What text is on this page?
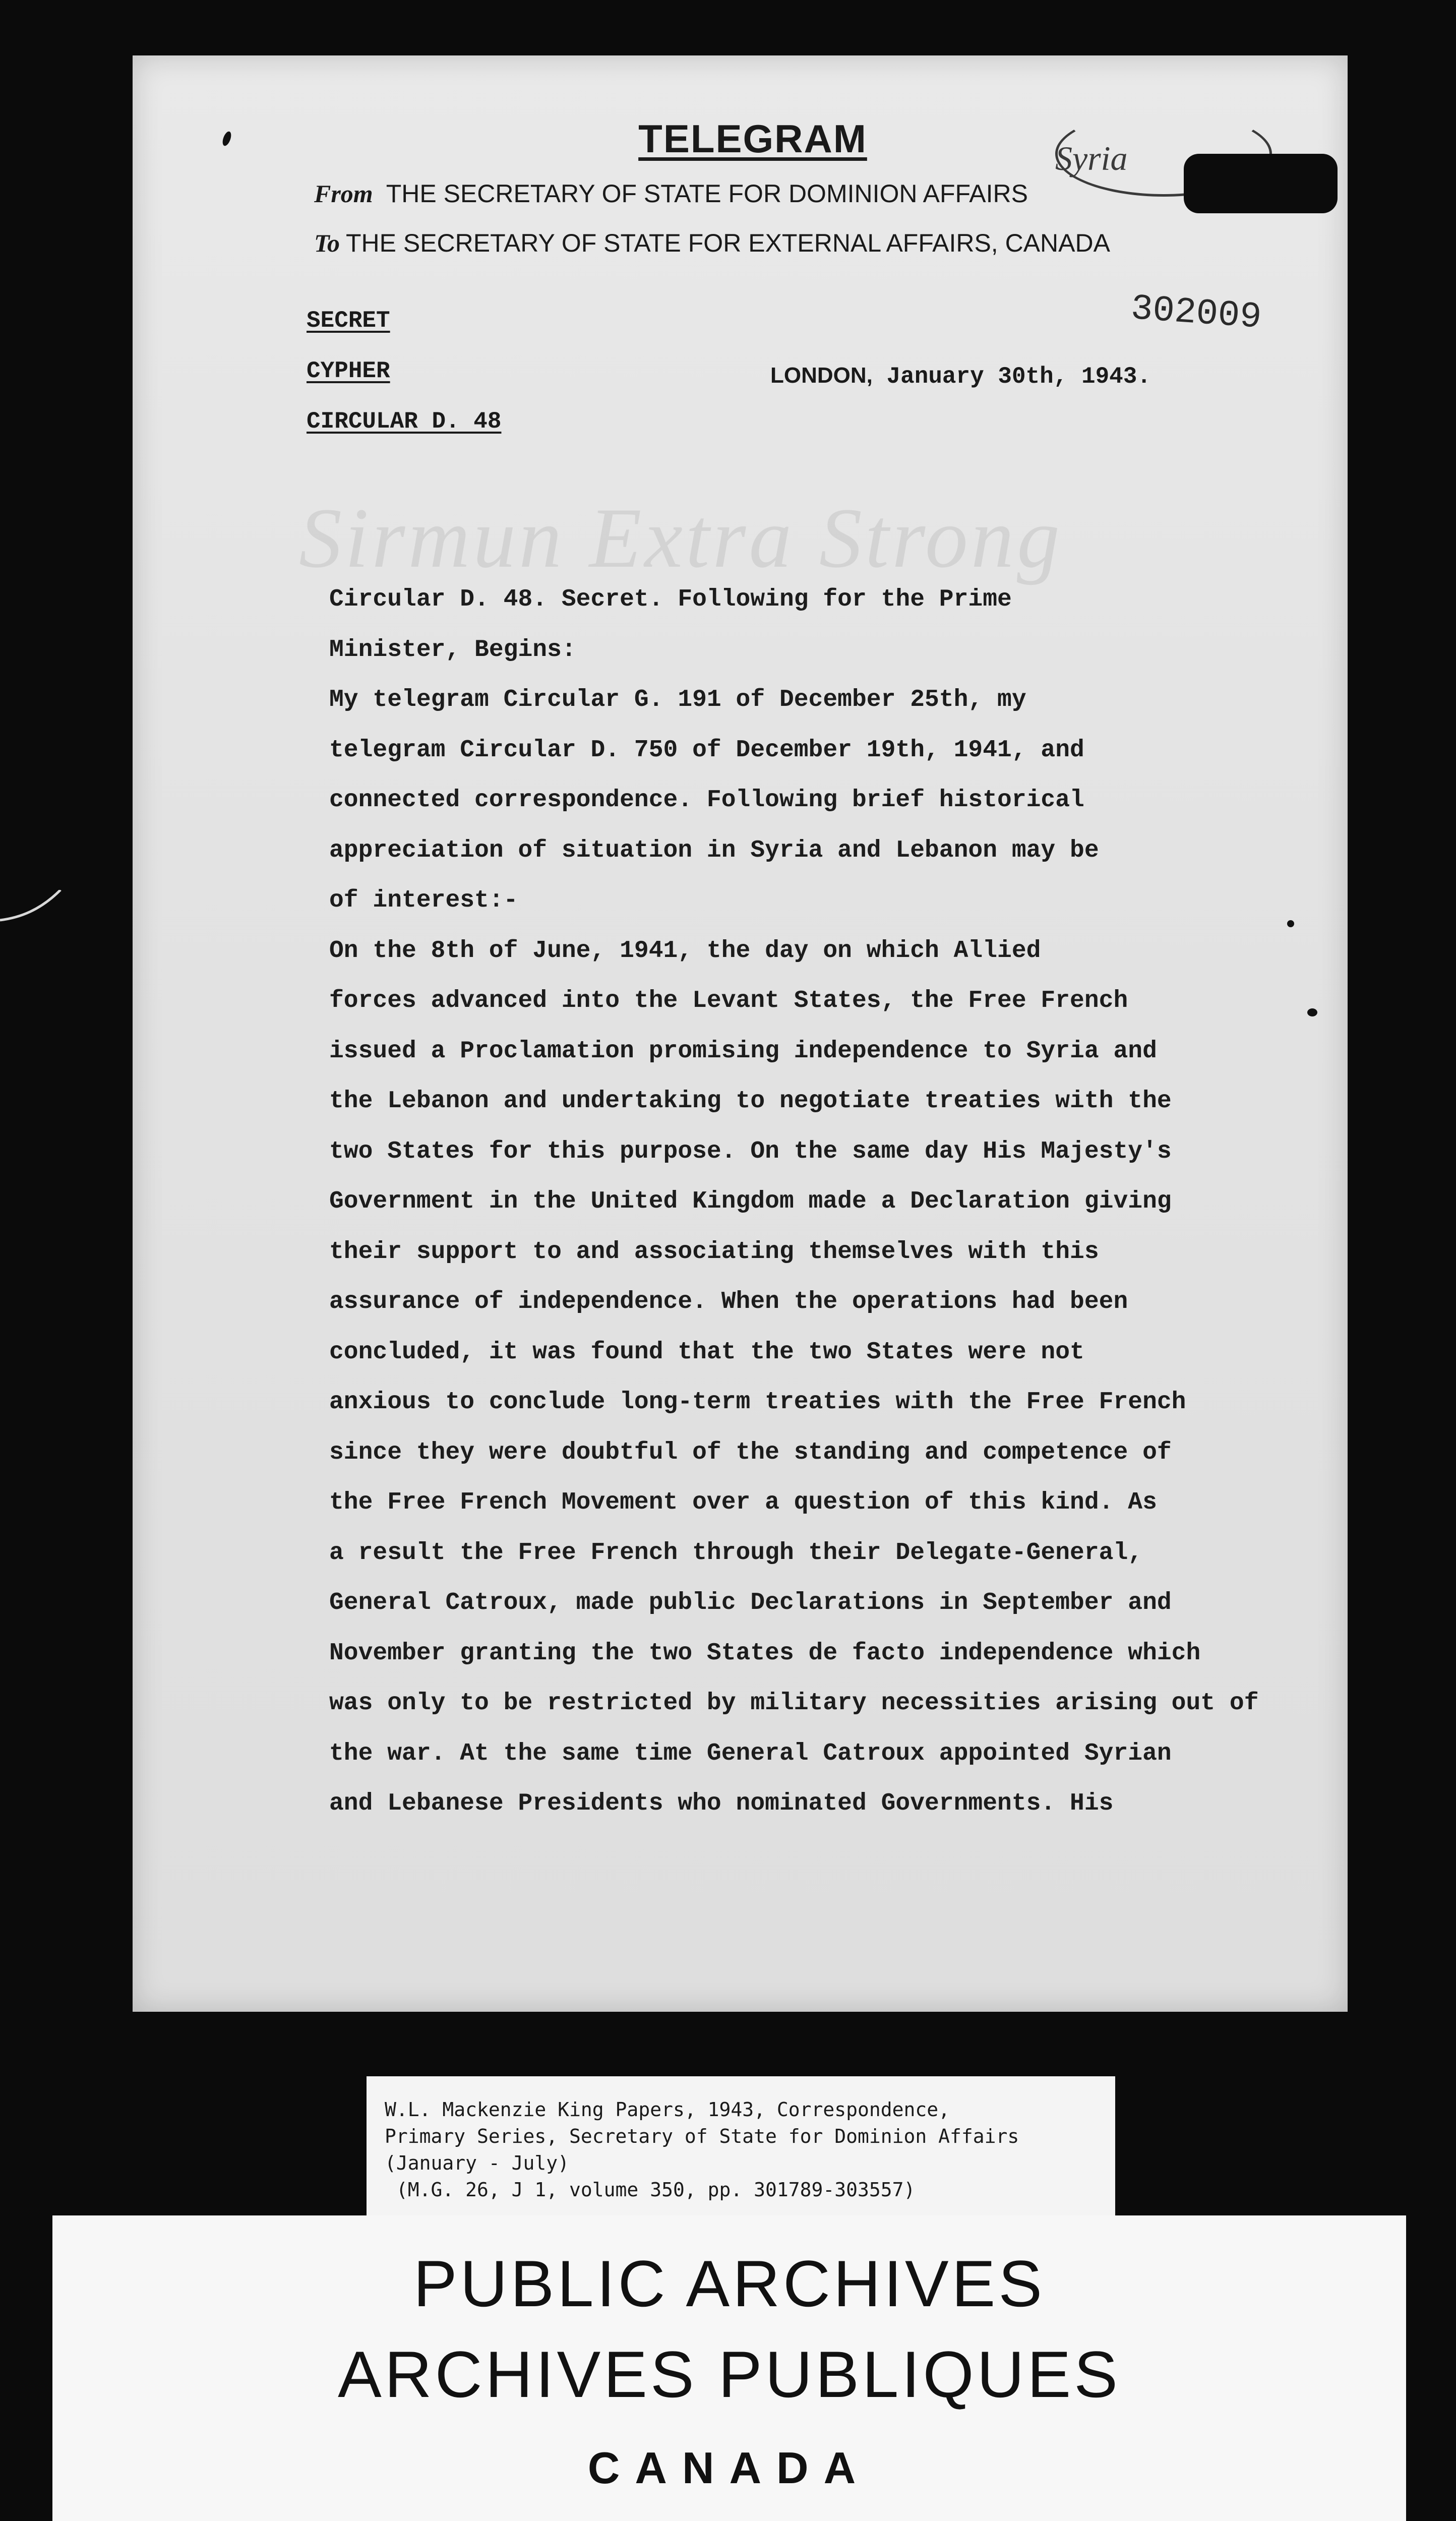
Sirmun Extra Strong
Syria
TELEGRAM
From THE SECRETARY OF STATE FOR DOMINION AFFAIRS
To THE SECRETARY OF STATE FOR EXTERNAL AFFAIRS, CANADA
SECRET
CYPHER
CIRCULAR D. 48
302009
LONDON, January 30th, 1943.
Circular D. 48. Secret. Following for the Prime
Minister, Begins:
My telegram Circular G. 191 of December 25th, my
telegram Circular D. 750 of December 19th, 1941, and
connected correspondence. Following brief historical
appreciation of situation in Syria and Lebanon may be
of interest:-
On the 8th of June, 1941, the day on which Allied
forces advanced into the Levant States, the Free French
issued a Proclamation promising independence to Syria and
the Lebanon and undertaking to negotiate treaties with the
two States for this purpose. On the same day His Majesty's
Government in the United Kingdom made a Declaration giving
their support to and associating themselves with this
assurance of independence. When the operations had been
concluded, it was found that the two States were not
anxious to conclude long-term treaties with the Free French
since they were doubtful of the standing and competence of
the Free French Movement over a question of this kind. As
a result the Free French through their Delegate-General,
General Catroux, made public Declarations in September and
November granting the two States de facto independence which
was only to be restricted by military necessities arising out of
the war. At the same time General Catroux appointed Syrian
and Lebanese Presidents who nominated Governments. His
W.L. Mackenzie King Papers, 1943, Correspondence,
Primary Series, Secretary of State for Dominion Affairs
(January - July)
(M.G. 26, J 1, volume 350, pp. 301789-303557)
PUBLIC ARCHIVES
ARCHIVES PUBLIQUES
CANADA
